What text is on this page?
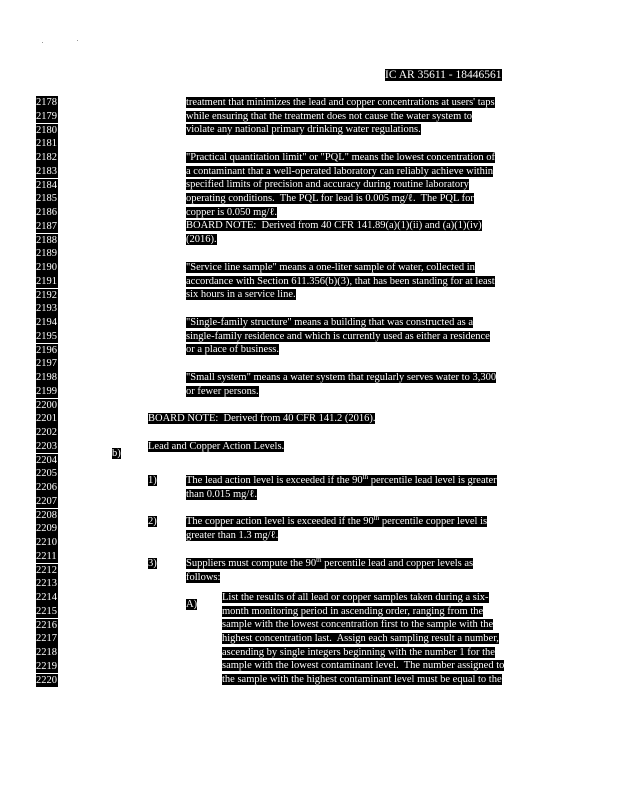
IC AR 35611 - 18446561
2178
2179
2180
2181
2182
2183
2184
2185
2186
2187
2188
2189
2190
2191
2192
2193
2194
2195
2196
2197
2198
2199
2200
2201
2202
2203
2204
2205
2206
2207
2208
2209
2210
2211
2212
2213
2214
2215
2216
2217
2218
2219
2220
treatment that minimizes the lead and copper concentrations at users' taps
while ensuring that the treatment does not cause the water system to
violate any national primary drinking water regulations.
"Practical quantitation limit" or "PQL" means the lowest concentration of
a contaminant that a well-operated laboratory can reliably achieve within
specified limits of precision and accuracy during routine laboratory
operating conditions.  The PQL for lead is 0.005 mg/ℓ.  The PQL for
copper is 0.050 mg/ℓ.
BOARD NOTE:  Derived from 40 CFR 141.89(a)(1)(ii) and (a)(1)(iv)
(2016).
"Service line sample" means a one-liter sample of water, collected in
accordance with Section 611.356(b)(3), that has been standing for at least
six hours in a service line.
"Single-family structure" means a building that was constructed as a
single-family residence and which is currently used as either a residence
or a place of business.
"Small system" means a water system that regularly serves water to 3,300
or fewer persons.
BOARD NOTE:  Derived from 40 CFR 141.2 (2016).
b)
Lead and Copper Action Levels.
1)	The lead action level is exceeded if the 90th percentile lead level is greater
than 0.015 mg/ℓ.
2)	The copper action level is exceeded if the 90th percentile copper level is
greater than 1.3 mg/ℓ.
3)	Suppliers must compute the 90th percentile lead and copper levels as
follows:
A)
List the results of all lead or copper samples taken during a six-
month monitoring period in ascending order, ranging from the
sample with the lowest concentration first to the sample with the
highest concentration last.  Assign each sampling result a number,
ascending by single integers beginning with the number 1 for the
sample with the lowest contaminant level.  The number assigned to
the sample with the highest contaminant level must be equal to the
